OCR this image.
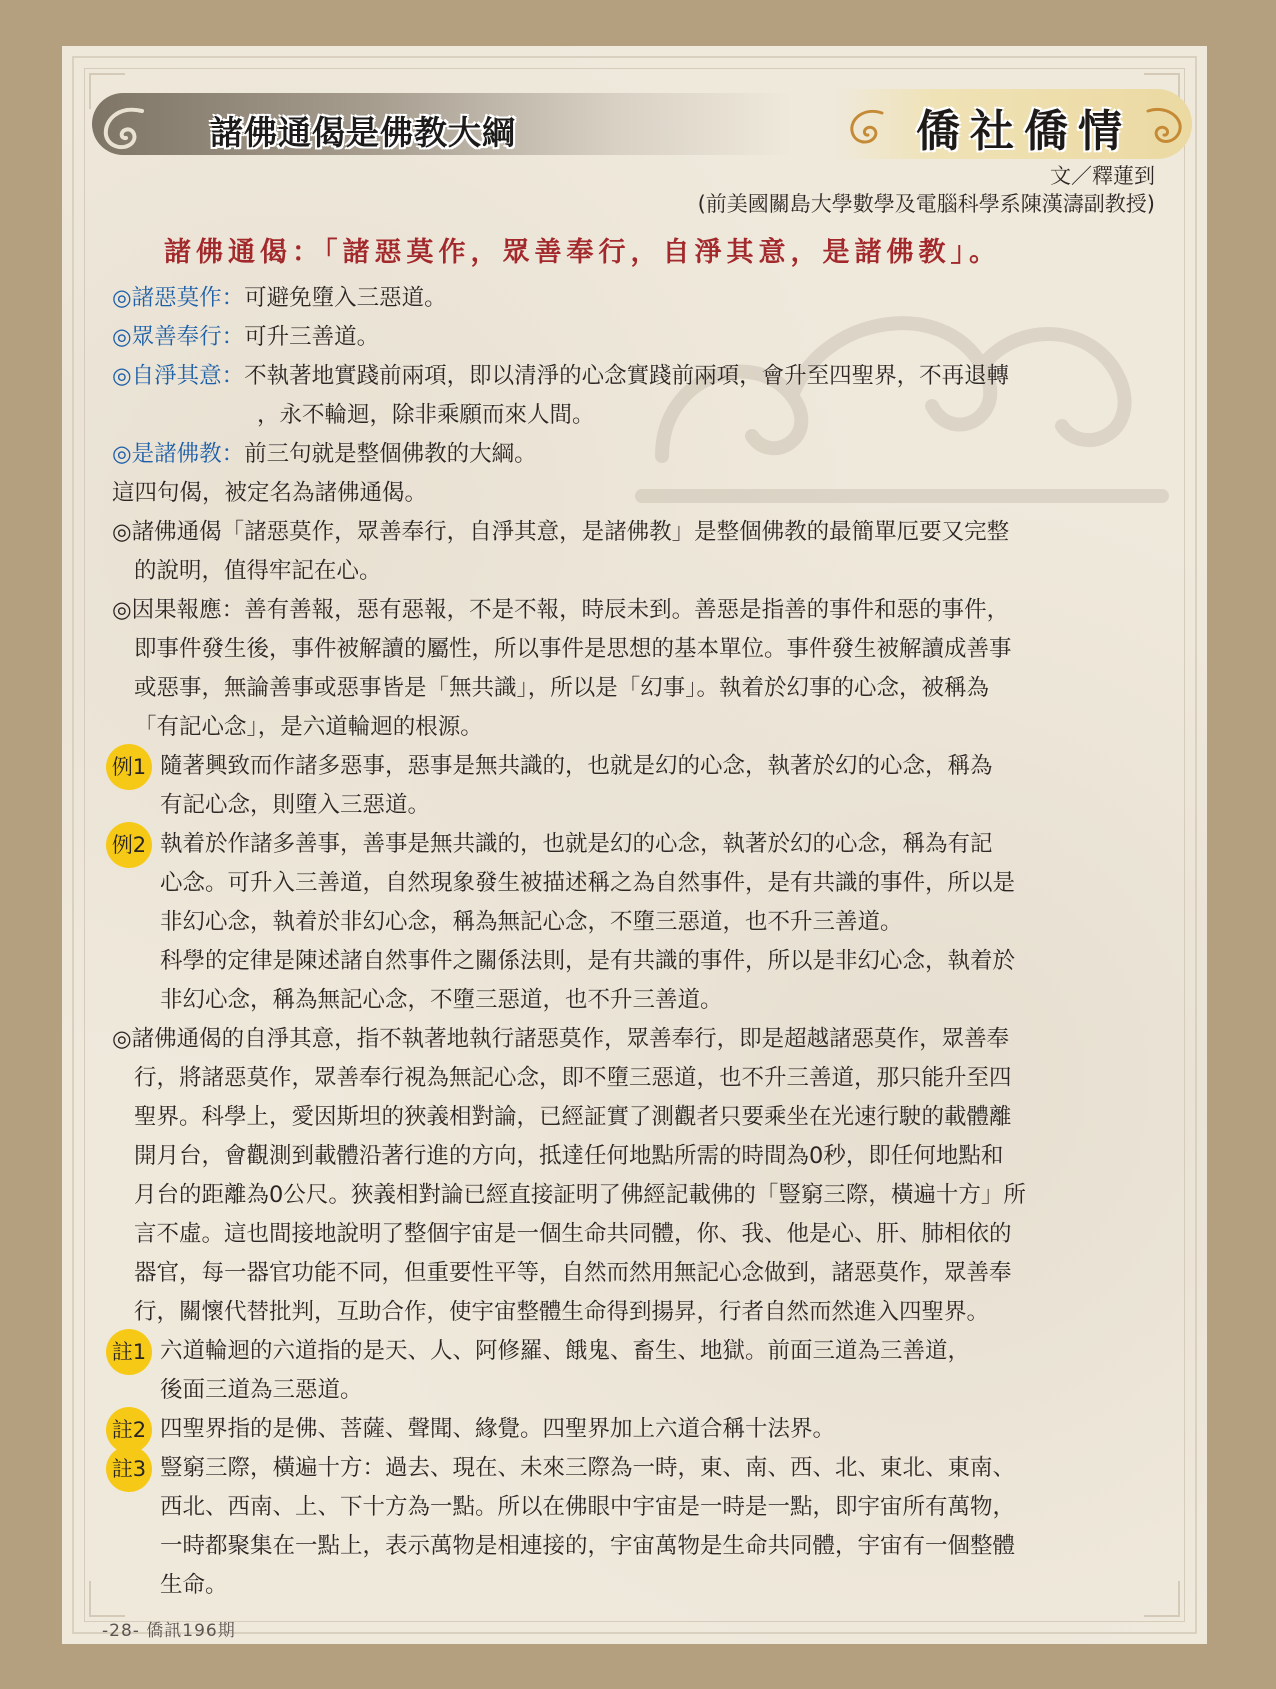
諸佛通偈是佛教大綱	僑社僑情
文／釋蓮到
(前美國關島大學數學及電腦科學系陳漢濤副教授)
諸佛通偈：「諸惡莫作，眾善奉行，自淨其意，是諸佛教」。
◎諸惡莫作：可避免墮入三惡道。
◎眾善奉行：可升三善道。
◎自淨其意：不執著地實踐前兩項，即以清淨的心念實踐前兩項，會升至四聖界，不再退轉
，永不輪迴，除非乘願而來人間。
◎是諸佛教：前三句就是整個佛教的大綱。
這四句偈，被定名為諸佛通偈。
◎諸佛通偈「諸惡莫作，眾善奉行，自淨其意，是諸佛教」是整個佛教的最簡單厄要又完整
的說明，值得牢記在心。
◎因果報應：善有善報，惡有惡報，不是不報，時辰未到。善惡是指善的事件和惡的事件，
即事件發生後，事件被解讀的屬性，所以事件是思想的基本單位。事件發生被解讀成善事
或惡事，無論善事或惡事皆是「無共識」，所以是「幻事」。執着於幻事的心念，被稱為
「有記心念」，是六道輪迴的根源。
例1 隨著興致而作諸多惡事，惡事是無共識的，也就是幻的心念，執著於幻的心念，稱為
有記心念，則墮入三惡道。
例2 執着於作諸多善事，善事是無共識的，也就是幻的心念，執著於幻的心念，稱為有記
心念。可升入三善道，自然現象發生被描述稱之為自然事件，是有共識的事件，所以是
非幻心念，執着於非幻心念，稱為無記心念，不墮三惡道，也不升三善道。
科學的定律是陳述諸自然事件之關係法則，是有共識的事件，所以是非幻心念，執着於
非幻心念，稱為無記心念，不墮三惡道，也不升三善道。
◎諸佛通偈的自淨其意，指不執著地執行諸惡莫作，眾善奉行，即是超越諸惡莫作，眾善奉
行，將諸惡莫作，眾善奉行視為無記心念，即不墮三惡道，也不升三善道，那只能升至四
聖界。科學上，愛因斯坦的狹義相對論，已經証實了測觀者只要乘坐在光速行駛的載體離
開月台，會觀測到載體沿著行進的方向，抵達任何地點所需的時間為0秒，即任何地點和
月台的距離為0公尺。狹義相對論已經直接証明了佛經記載佛的「豎窮三際，橫遍十方」所
言不虛。這也間接地說明了整個宇宙是一個生命共同體，你、我、他是心、肝、肺相依的
器官，每一器官功能不同，但重要性平等，自然而然用無記心念做到，諸惡莫作，眾善奉
行，關懷代替批判，互助合作，使宇宙整體生命得到揚昇，行者自然而然進入四聖界。
註1 六道輪迴的六道指的是天、人、阿修羅、餓鬼、畜生、地獄。前面三道為三善道，
後面三道為三惡道。
註2 四聖界指的是佛、菩薩、聲聞、緣覺。四聖界加上六道合稱十法界。
註3 豎窮三際，橫遍十方：過去、現在、未來三際為一時，東、南、西、北、東北、東南、
西北、西南、上、下十方為一點。所以在佛眼中宇宙是一時是一點，即宇宙所有萬物，
一時都聚集在一點上，表示萬物是相連接的，宇宙萬物是生命共同體，宇宙有一個整體
生命。
-28- 僑訊196期
